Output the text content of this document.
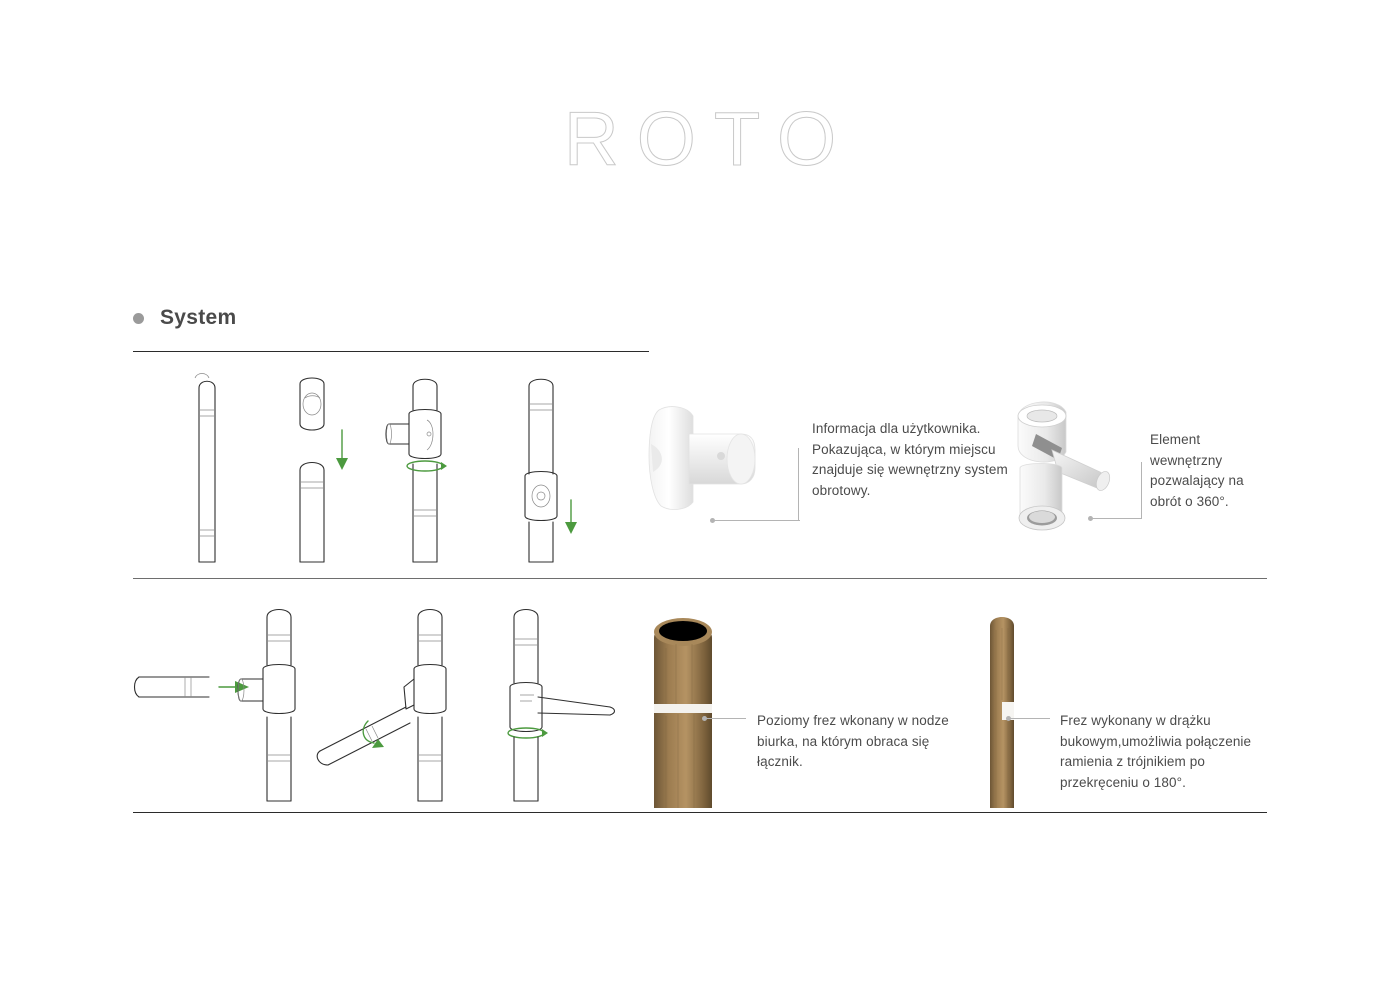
ROTO
System
Informacja dla użytkownika. Pokazująca, w którym miejscu znajduje się wewnętrzny system obrotowy.
Element wewnętrzny pozwalający na obrót o 360°.
Poziomy frez wkonany w nodze biurka, na którym obraca się łącznik.
Frez wykonany w drążku bukowym,umożliwia połączenie ramienia z trójnikiem po przekręceniu o 180°.
